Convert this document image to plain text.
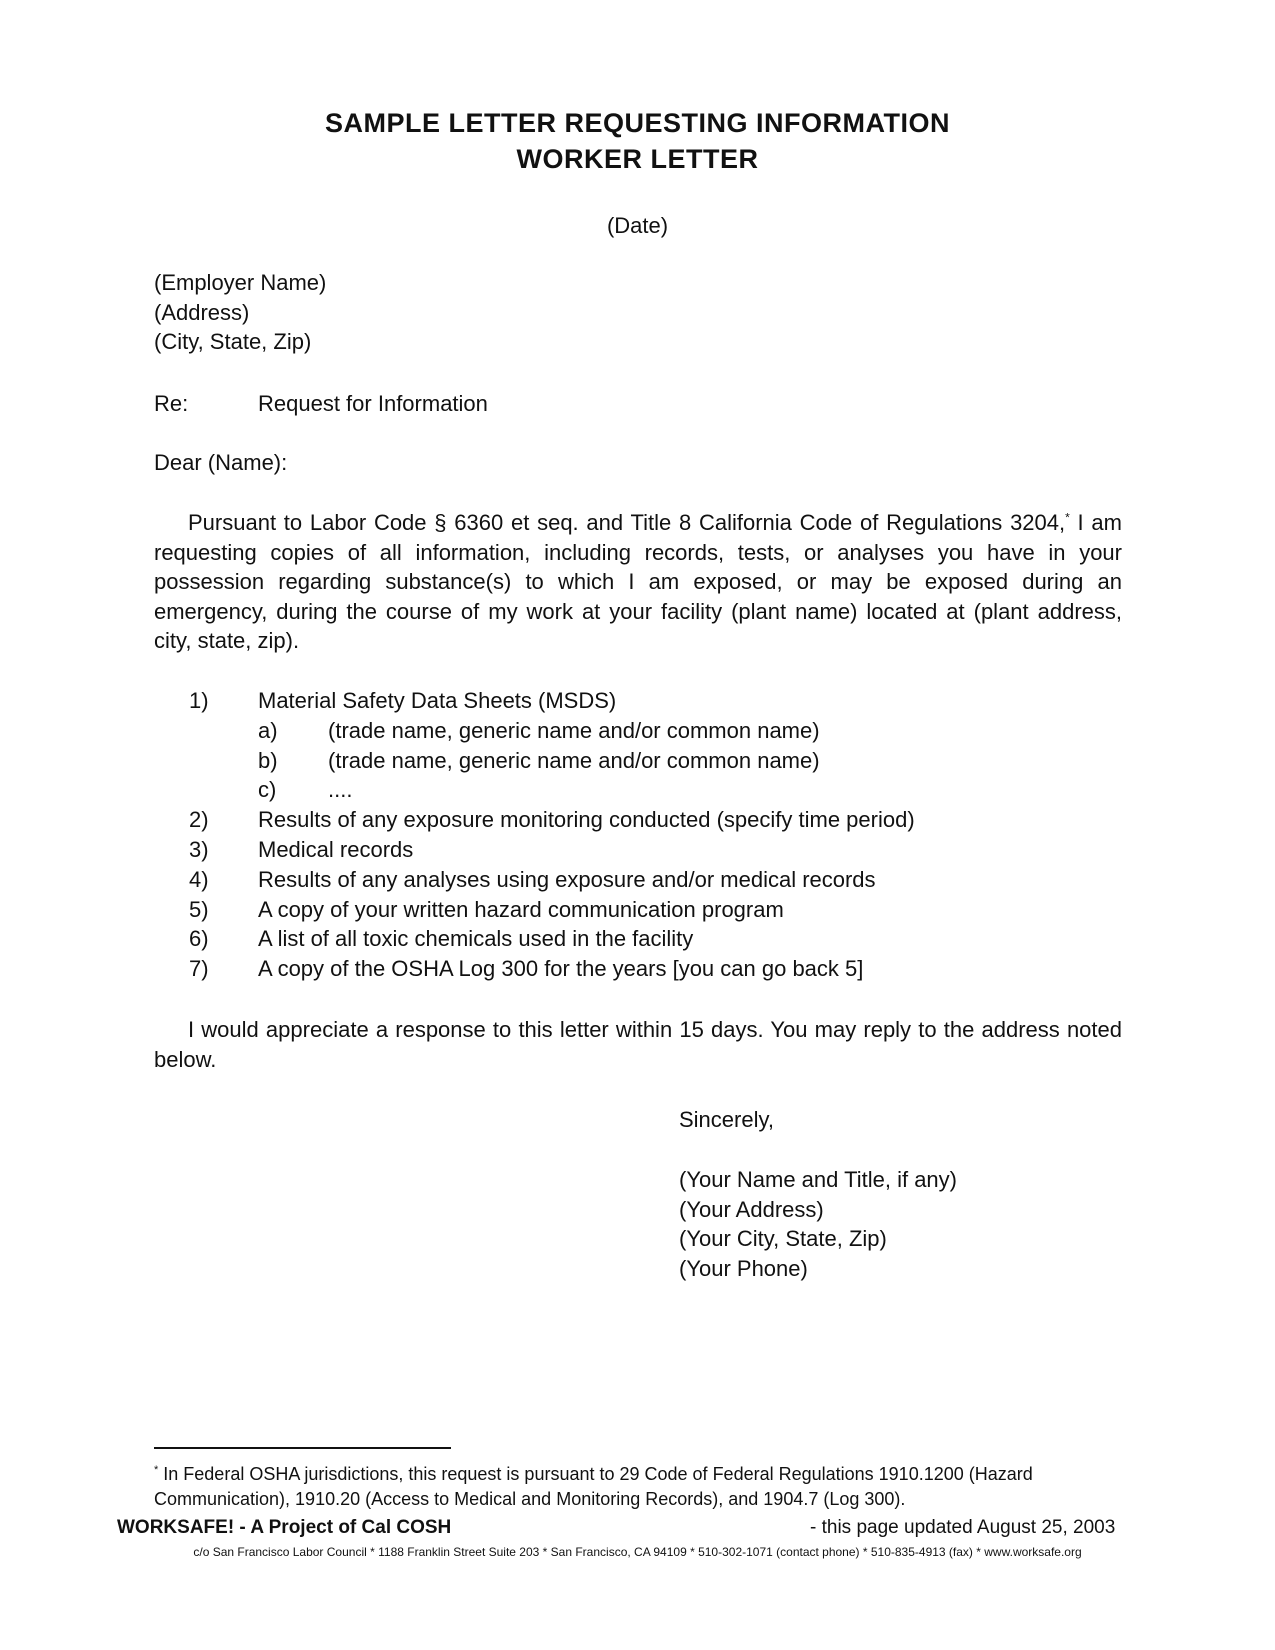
SAMPLE LETTER REQUESTING INFORMATION
WORKER LETTER
(Date)
(Employer Name)
(Address)
(City, State, Zip)
Re:	Request for Information
Dear (Name):
Pursuant to Labor Code § 6360 et seq. and Title 8 California Code of Regulations 3204,* I am requesting copies of all information, including records, tests, or analyses you have in your possession regarding substance(s) to which I am exposed, or may be exposed during an emergency, during the course of my work at your facility (plant name) located at (plant address, city, state, zip).
1) Material Safety Data Sheets (MSDS)
a) (trade name, generic name and/or common name)
b) (trade name, generic name and/or common name)
c) ....
2) Results of any exposure monitoring conducted (specify time period)
3) Medical records
4) Results of any analyses using exposure and/or medical records
5) A copy of your written hazard communication program
6) A list of all toxic chemicals used in the facility
7) A copy of the OSHA Log 300 for the years [you can go back 5]
I would appreciate a response to this letter within 15 days. You may reply to the address noted below.
Sincerely,
(Your Name and Title, if any)
(Your Address)
(Your City, State, Zip)
(Your Phone)
* In Federal OSHA jurisdictions, this request is pursuant to 29 Code of Federal Regulations 1910.1200 (Hazard Communication), 1910.20 (Access to Medical and Monitoring Records), and 1904.7 (Log 300).
WORKSAFE! - A Project of Cal COSH	- this page updated August 25, 2003
c/o San Francisco Labor Council * 1188 Franklin Street Suite 203 * San Francisco, CA 94109 * 510-302-1071 (contact phone) * 510-835-4913 (fax) * www.worksafe.org
